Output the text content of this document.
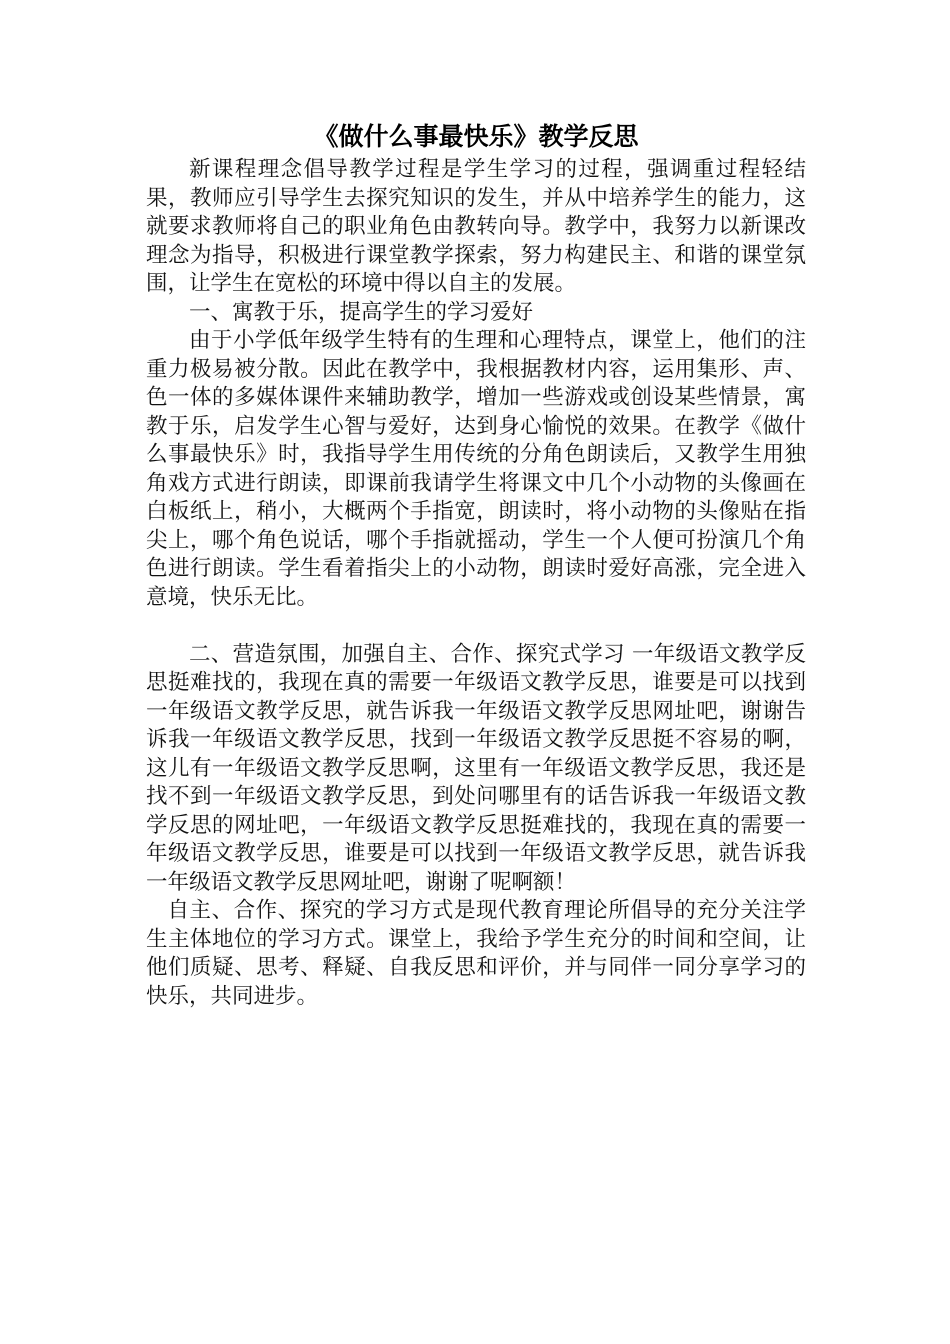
《做什么事最快乐》教学反思

新课程理念倡导教学过程是学生学习的过程，强调重过程轻结果，教师应引导学生去探究知识的发生，并从中培养学生的能力，这就要求教师将自己的职业角色由教转向导。教学中，我努力以新课改理念为指导，积极进行课堂教学探索，努力构建民主、和谐的课堂氛围，让学生在宽松的环境中得以自主的发展。

一、寓教于乐，提高学生的学习爱好

由于小学低年级学生特有的生理和心理特点，课堂上，他们的注重力极易被分散。因此在教学中，我根据教材内容，运用集形、声、色一体的多媒体课件来辅助教学，增加一些游戏或创设某些情景，寓教于乐，启发学生心智与爱好，达到身心愉悦的效果。在教学《做什么事最快乐》时，我指导学生用传统的分角色朗读后，又教学生用独角戏方式进行朗读，即课前我请学生将课文中几个小动物的头像画在白板纸上，稍小，大概两个手指宽，朗读时，将小动物的头像贴在指尖上，哪个角色说话，哪个手指就摇动，学生一个人便可扮演几个角色进行朗读。学生看着指尖上的小动物，朗读时爱好高涨，完全进入意境，快乐无比。

二、营造氛围，加强自主、合作、探究式学习 一年级语文教学反思挺难找的，我现在真的需要一年级语文教学反思，谁要是可以找到一年级语文教学反思，就告诉我一年级语文教学反思网址吧，谢谢告诉我一年级语文教学反思，找到一年级语文教学反思挺不容易的啊，这儿有一年级语文教学反思啊，这里有一年级语文教学反思，我还是找不到一年级语文教学反思，到处问哪里有的话告诉我一年级语文教学反思的网址吧，一年级语文教学反思挺难找的，我现在真的需要一年级语文教学反思，谁要是可以找到一年级语文教学反思，就告诉我一年级语文教学反思网址吧，谢谢了呢啊额！

自主、合作、探究的学习方式是现代教育理论所倡导的充分关注学生主体地位的学习方式。课堂上，我给予学生充分的时间和空间，让他们质疑、思考、释疑、自我反思和评价，并与同伴一同分享学习的快乐，共同进步。
